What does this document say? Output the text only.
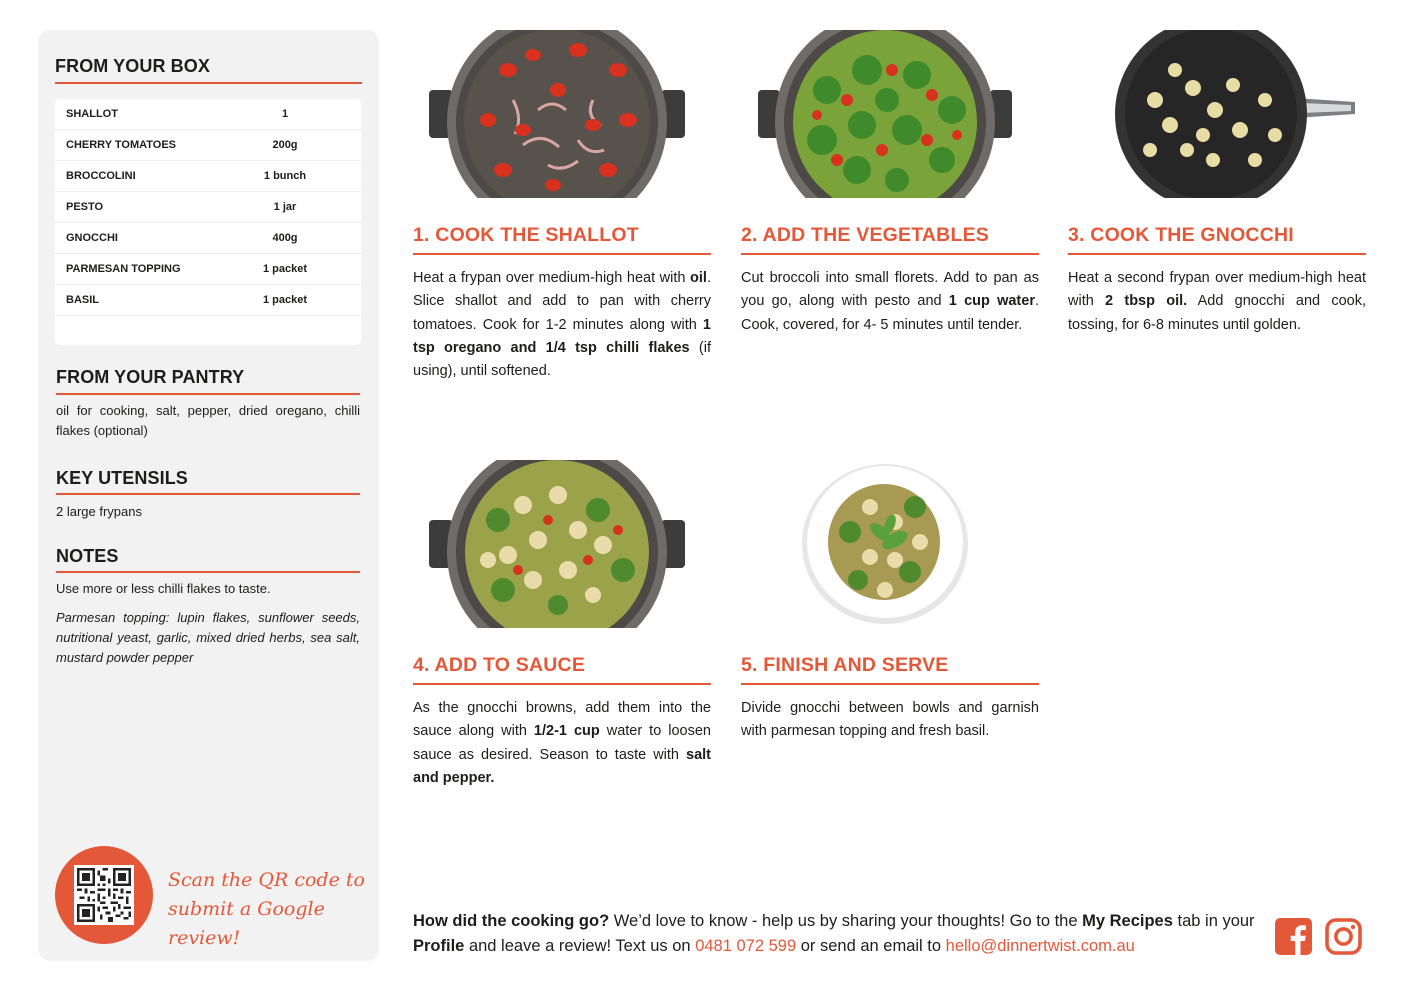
FROM YOUR BOX
SHALLOT	1
CHERRY TOMATOES	200g
BROCCOLINI	1 bunch
PESTO	1 jar
GNOCCHI	400g
PARMESAN TOPPING	1 packet
BASIL	1 packet
FROM YOUR PANTRY
oil for cooking, salt, pepper, dried oregano, chilli flakes (optional)
KEY UTENSILS
2 large frypans
NOTES
Use more or less chilli flakes to taste.
Parmesan topping: lupin flakes, sunflower seeds, nutritional yeast, garlic, mixed dried herbs, sea salt, mustard powder pepper
Scan the QR code to
submit a Google review!
1. COOK THE SHALLOT
Heat a frypan over medium-high heat with oil. Slice shallot and add to pan with cherry tomatoes. Cook for 1-2 minutes along with 1 tsp oregano and 1/4 tsp chilli flakes (if using), until softened.
2. ADD THE VEGETABLES
Cut broccoli into small florets. Add to pan as you go, along with pesto and 1 cup water. Cook, covered, for 4- 5 minutes until tender.
3. COOK THE GNOCCHI
Heat a second frypan over medium-high heat with 2 tbsp oil. Add gnocchi and cook, tossing, for 6-8 minutes until golden.
4. ADD TO SAUCE
As the gnocchi browns, add them into the sauce along with 1/2-1 cup water to loosen sauce as desired. Season to taste with salt and pepper.
5. FINISH AND SERVE
Divide gnocchi between bowls and garnish with parmesan topping and fresh basil.
How did the cooking go? We’d love to know - help us by sharing your thoughts! Go to the My Recipes tab in your Profile and leave a review! Text us on 0481 072 599 or send an email to hello@dinnertwist.com.au
